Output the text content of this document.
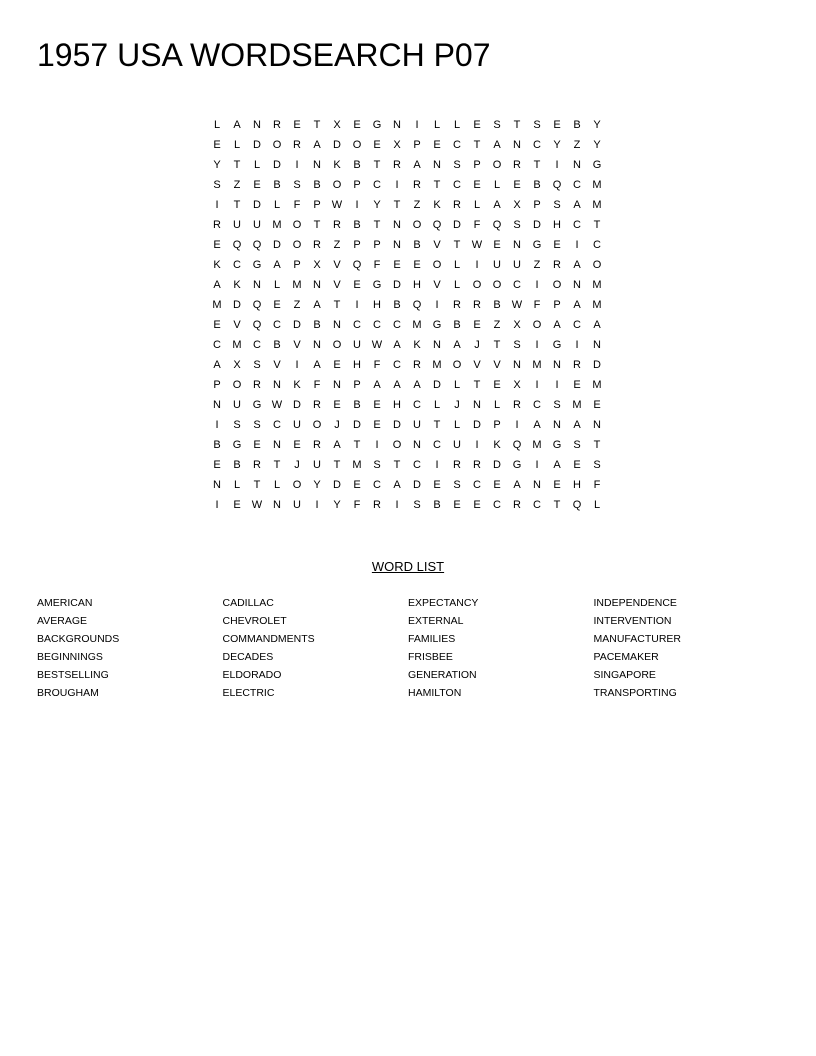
1957 USA WORDSEARCH P07
L	A	N	R	E	T	X	E	G	N	I	L	L	E	S	T	S	E	B	Y
E	L	D	O	R	A	D	O	E	X	P	E	C	T	A	N	C	Y	Z	Y
Y	T	L	D	I	N	K	B	T	R	A	N	S	P	O	R	T	I	N	G
S	Z	E	B	S	B	O	P	C	I	R	T	C	E	L	E	B	Q	C	M
I	T	D	L	F	P	W	I	Y	T	Z	K	R	L	A	X	P	S	A	M
R	U	U	M	O	T	R	B	T	N	O	Q	D	F	Q	S	D	H	C	T
E	Q	Q	D	O	R	Z	P	P	N	B	V	T	W	E	N	G	E	I	C
K	C	G	A	P	X	V	Q	F	E	E	O	L	I	U	U	Z	R	A	O
A	K	N	L	M	N	V	E	G	D	H	V	L	O	O	C	I	O	N	M
M	D	Q	E	Z	A	T	I	H	B	Q	I	R	R	B	W	F	P	A	M
E	V	Q	C	D	B	N	C	C	C	M	G	B	E	Z	X	O	A	C	A
C	M	C	B	V	N	O	U W	A	K	N	A	J	T	S	I	G	I	N
A	X	S	V	I	A	E	H	F	C	R	M	O	V	V	N	M	N	R	D
P	O	R	N	K	F	N	P	A	A	A	D	L	T	E	X	I	I	E	M
N	U	G W D	R	E	B	E	H	C	L	J	N	L	R	C	S	M	E
I	S	S	C	U	O	J	D	E	D	U	T	L	D	P	I	A	N	A	N
B	G	E	N	E	R	A	T	I	O	N	C	U	I	K	Q	M	G	S	T
E	B	R	T	J	U	T	M	S	T	C	I	R	R	D	G	I	A	E	S
N	L	T	L	O	Y	D	E	C	A	D	E	S	C	E	A	N	E	H	F
I	E	W N	U	I	Y	F	R	I	S	B	E	E	C	R	C	T	Q	L
WORD LIST
AMERICAN	CADILLAC	EXPECTANCY	INDEPENDENCE
AVERAGE	CHEVROLET	EXTERNAL	INTERVENTION
BACKGROUNDS	COMMANDMENTS	FAMILIES	MANUFACTURER
BEGINNINGS	DECADES	FRISBEE	PACEMAKER
BESTSELLING	ELDORADO	GENERATION	SINGAPORE
BROUGHAM	ELECTRIC	HAMILTON	TRANSPORTING
